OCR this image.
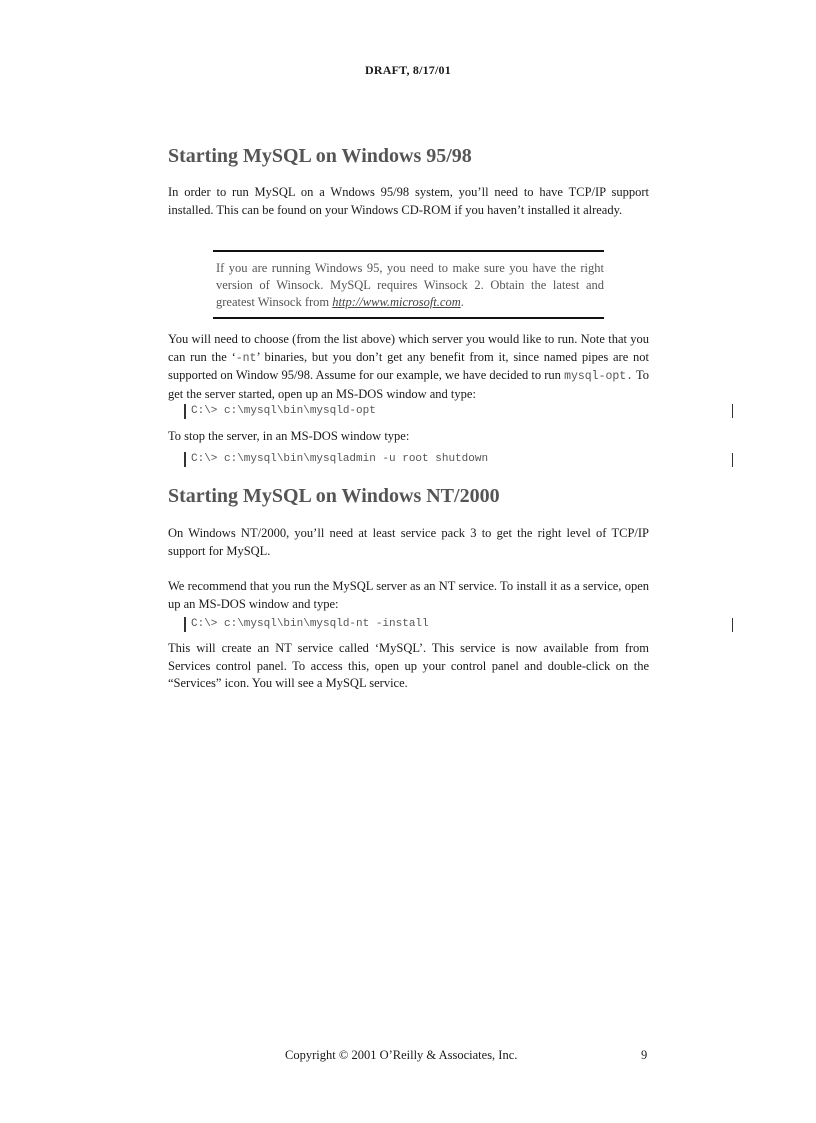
DRAFT, 8/17/01
Starting MySQL on Windows 95/98

In order to run MySQL on a Wndows 95/98 system, you’ll need to have TCP/IP support installed. This can be found on your Windows CD-ROM if you haven’t installed it already.

If you are running Windows 95, you need to make sure you have the right version of Winsock. MySQL requires Winsock 2. Obtain the latest and greatest Winsock from http://www.microsoft.com.

You will need to choose (from the list above) which server you would like to run. Note that you can run the ‘-nt’ binaries, but you don’t get any benefit from it, since named pipes are not supported on Window 95/98. Assume for our example, we have decided to run mysql-opt. To get the server started, open up an MS-DOS window and type:

C:\> c:\mysql\bin\mysqld-opt

To stop the server, in an MS-DOS window type:

C:\> c:\mysql\bin\mysqladmin -u root shutdown
Starting MySQL on Windows NT/2000

On Windows NT/2000, you’ll need at least service pack 3 to get the right level of TCP/IP support for MySQL.

We recommend that you run the MySQL server as an NT service. To install it as a service, open up an MS-DOS window and type:

C:\> c:\mysql\bin\mysqld-nt -install

This will create an NT service called ‘MySQL’. This service is now available from from Services control panel. To access this, open up your control panel and double-click on the “Services” icon. You will see a MySQL service.

Copyright © 2001 O’Reilly & Associates, Inc.	9
